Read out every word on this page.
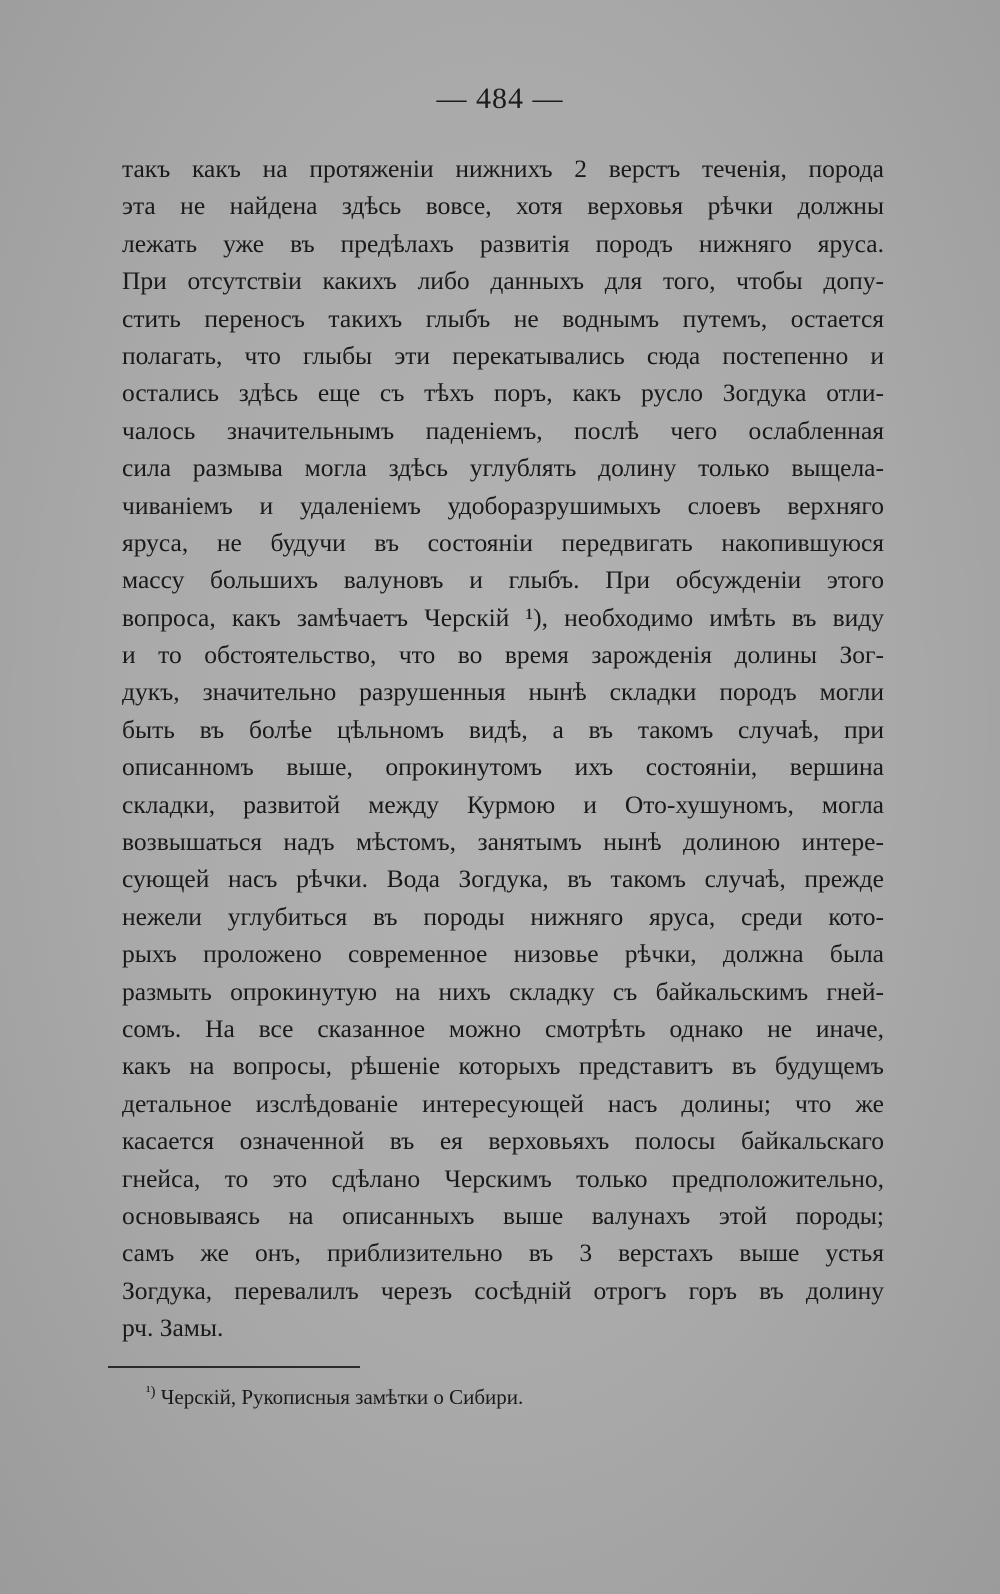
— 484 —
такъ какъ на протяженіи нижнихъ 2 верстъ теченія, порода
эта не найдена здѣсь вовсе, хотя верховья рѣчки должны
лежать уже въ предѣлахъ развитія породъ нижняго яруса.
При отсутствіи какихъ либо данныхъ для того, чтобы допу-
стить переносъ такихъ глыбъ не воднымъ путемъ, остается
полагать, что глыбы эти перекатывались сюда постепенно и
остались здѣсь еще съ тѣхъ поръ, какъ русло Зогдука отли-
чалось значительнымъ паденіемъ, послѣ чего ослабленная
сила размыва могла здѣсь углублять долину только выщела-
чиваніемъ и удаленіемъ удоборазрушимыхъ слоевъ верхняго
яруса, не будучи въ состояніи передвигать накопившуюся
массу большихъ валуновъ и глыбъ. При обсужденіи этого
вопроса, какъ замѣчаетъ Черскій ¹), необходимо имѣть въ виду
и то обстоятельство, что во время зарожденія долины Зог-
дукъ, значительно разрушенныя нынѣ складки породъ могли
быть въ болѣе цѣльномъ видѣ, а въ такомъ случаѣ, при
описанномъ выше, опрокинутомъ ихъ состояніи, вершина
складки, развитой между Курмою и Ото-хушуномъ, могла
возвышаться надъ мѣстомъ, занятымъ нынѣ долиною интере-
сующей насъ рѣчки. Вода Зогдука, въ такомъ случаѣ, прежде
нежели углубиться въ породы нижняго яруса, среди кото-
рыхъ проложено современное низовье рѣчки, должна была
размыть опрокинутую на нихъ складку съ байкальскимъ гней-
сомъ. На все сказанное можно смотрѣть однако не иначе,
какъ на вопросы, рѣшеніе которыхъ представитъ въ будущемъ
детальное изслѣдованіе интересующей насъ долины; что же
касается означенной въ ея верховьяхъ полосы байкальскаго
гнейса, то это сдѣлано Черскимъ только предположительно,
основываясь на описанныхъ выше валунахъ этой породы;
самъ же онъ, приблизительно въ 3 верстахъ выше устья
Зогдука, перевалилъ черезъ сосѣдній отрогъ горъ въ долину
рч. Замы.
$^{^1)}$ Черскій, Рукописныя замѣтки о Сибири.
